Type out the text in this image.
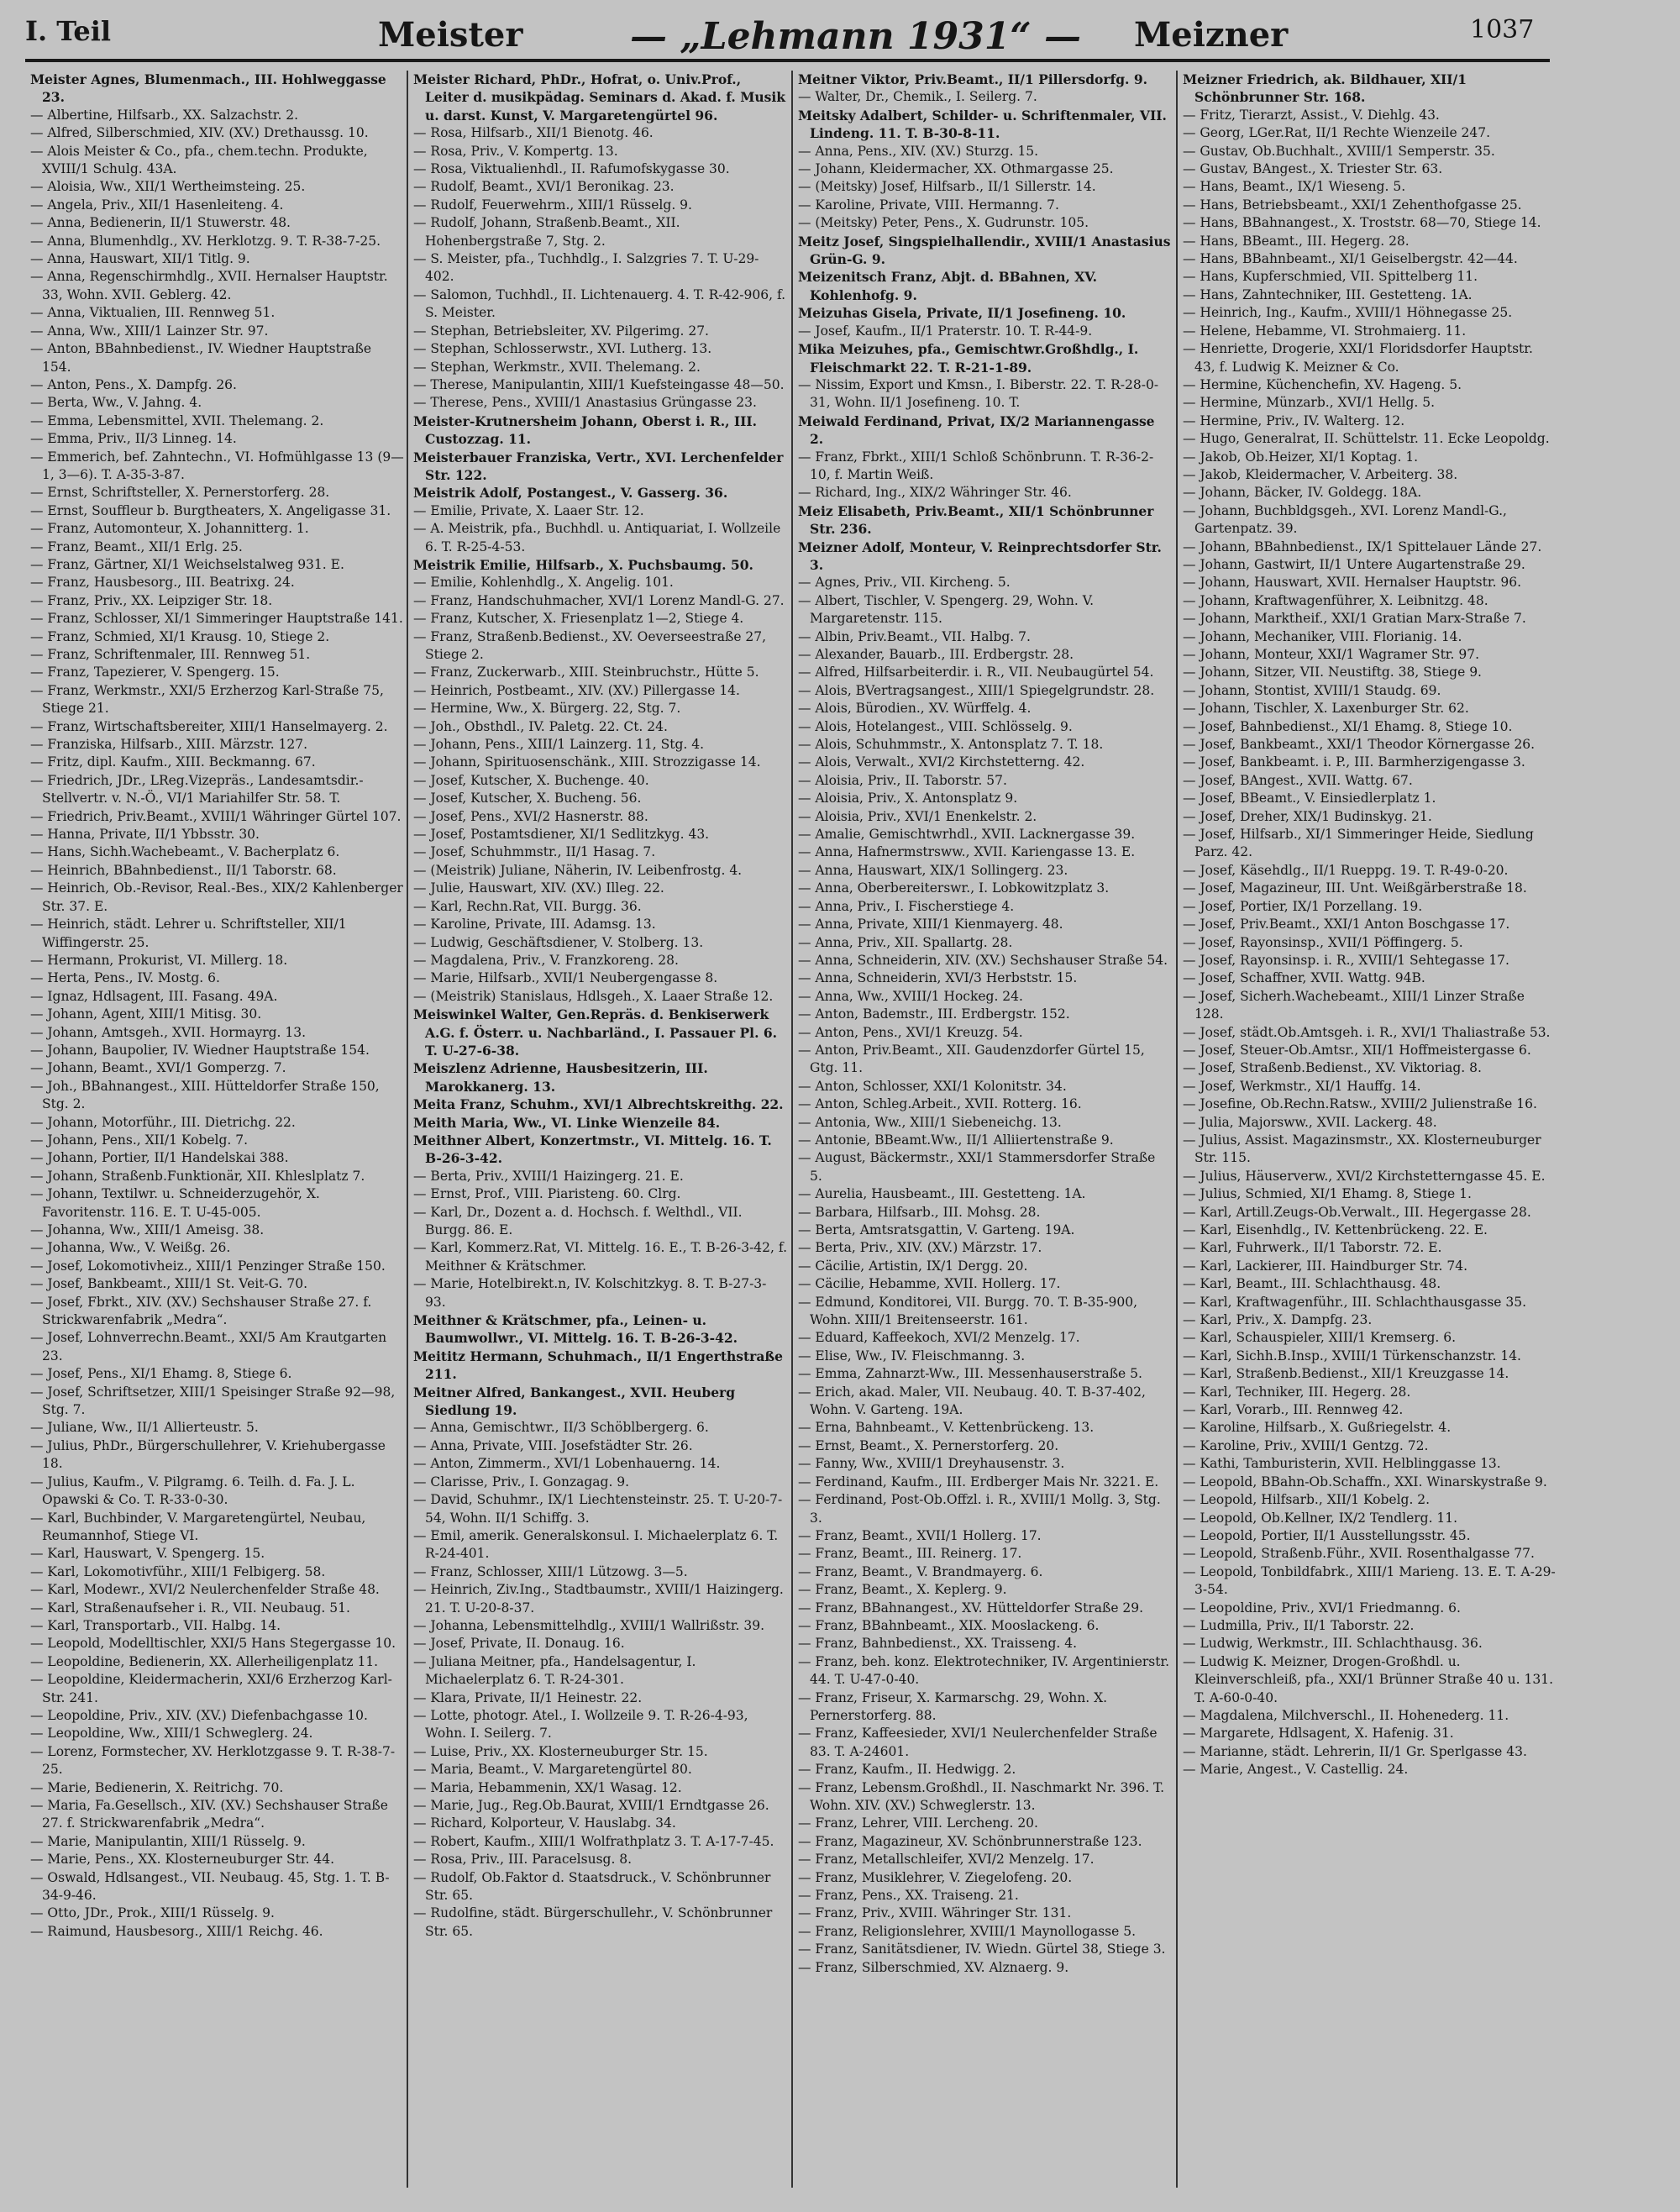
I. Teil	Meister	— „Lehmann 1931“ — Meizner	1037

Meister Agnes, Blumenmach., III. Hohlweggasse 23.

— Albertine, Hilfsarb., XX. Salzachstr. 2.

— Alfred, Silberschmied, XIV. (XV.) Drethaussg. 10.

— Alois Meister & Co., pfa., chem.techn. Produkte, XVIII/1 Schulg. 43A.

— Aloisia, Ww., XII/1 Wertheimsteing. 25.

— Angela, Priv., XII/1 Hasenleiteng. 4.

— Anna, Bedienerin, II/1 Stuwerstr. 48.

— Anna, Blumenhdlg., XV. Herklotzg. 9. T. R-38-7-25.

— Anna, Hauswart, XII/1 Titlg. 9.

— Anna, Regenschirmhdlg., XVII. Hernalser Hauptstr. 33, Wohn. XVII. Geblerg. 42.

— Anna, Viktualien, III. Rennweg 51.

— Anna, Ww., XIII/1 Lainzer Str. 97.

— Anton, BBahnbedienst., IV. Wiedner Hauptstraße 154.

— Anton, Pens., X. Dampfg. 26.

— Berta, Ww., V. Jahng. 4.

— Emma, Lebensmittel, XVII. Thelemang. 2.

— Emma, Priv., II/3 Linneg. 14.

— Emmerich, bef. Zahntechn., VI. Hofmühlgasse 13 (9—1, 3—6). T. A-35-3-87.

— Ernst, Schriftsteller, X. Pernerstorferg. 28.

— Ernst, Souffleur b. Burgtheaters, X. Angeligasse 31.

— Franz, Automonteur, X. Johannitterg. 1.

— Franz, Beamt., XII/1 Erlg. 25.

— Franz, Gärtner, XI/1 Weichselstalweg 931. E.

— Franz, Hausbesorg., III. Beatrixg. 24.

— Franz, Priv., XX. Leipziger Str. 18.

— Franz, Schlosser, XI/1 Simmeringer Hauptstraße 141.

— Franz, Schmied, XI/1 Krausg. 10, Stiege 2.

— Franz, Schriftenmaler, III. Rennweg 51.

— Franz, Tapezierer, V. Spengerg. 15.

— Franz, Werkmstr., XXI/5 Erzherzog Karl-Straße 75, Stiege 21.

— Franz, Wirtschaftsbereiter, XIII/1 Hanselmayerg. 2.

— Franziska, Hilfsarb., XIII. Märzstr. 127.

— Fritz, dipl. Kaufm., XIII. Beckmanng. 67.

— Friedrich, JDr., LReg.Vizepräs., Landesamtsdir.-Stellvertr. v. N.-Ö., VI/1 Mariahilfer Str. 58. T.

— Friedrich, Priv.Beamt., XVIII/1 Währinger Gürtel 107.

— Hanna, Private, II/1 Ybbsstr. 30.

— Hans, Sichh.Wachebeamt., V. Bacherplatz 6.

— Heinrich, BBahnbedienst., II/1 Taborstr. 68.

— Heinrich, Ob.-Revisor, Real.-Bes., XIX/2 Kahlenberger Str. 37. E.

— Heinrich, städt. Lehrer u. Schriftsteller, XII/1 Wiffingerstr. 25.

— Hermann, Prokurist, VI. Millerg. 18.

— Herta, Pens., IV. Mostg. 6.

— Ignaz, Hdlsagent, III. Fasang. 49A.

— Johann, Agent, XIII/1 Mitisg. 30.

— Johann, Amtsgeh., XVII. Hormayrg. 13.

— Johann, Baupolier, IV. Wiedner Hauptstraße 154.

— Johann, Beamt., XVI/1 Gomperzg. 7.

— Joh., BBahnangest., XIII. Hütteldorfer Straße 150, Stg. 2.

— Johann, Motorführ., III. Dietrichg. 22.

— Johann, Pens., XII/1 Kobelg. 7.

— Johann, Portier, II/1 Handelskai 388.

— Johann, Straßenb.Funktionär, XII. Khleslplatz 7.

— Johann, Textilwr. u. Schneiderzugehör, X. Favoritenstr. 116. E. T. U-45-005.

— Johanna, Ww., XIII/1 Ameisg. 38.

— Johanna, Ww., V. Weißg. 26.

— Josef, Lokomotivheiz., XIII/1 Penzinger Straße 150.

— Josef, Bankbeamt., XIII/1 St. Veit-G. 70.

— Josef, Fbrkt., XIV. (XV.) Sechshauser Straße 27. f. Strickwarenfabrik „Medra“.

— Josef, Lohnverrechn.Beamt., XXI/5 Am Krautgarten 23.

— Josef, Pens., XI/1 Ehamg. 8, Stiege 6.

— Josef, Schriftsetzer, XIII/1 Speisinger Straße 92—98, Stg. 7.

— Juliane, Ww., II/1 Allierteustr. 5.

— Julius, PhDr., Bürgerschullehrer, V. Kriehubergasse 18.

— Julius, Kaufm., V. Pilgramg. 6. Teilh. d. Fa. J. L. Opawski & Co. T. R-33-0-30.

— Karl, Buchbinder, V. Margaretengürtel, Neubau, Reumannhof, Stiege VI.

— Karl, Hauswart, V. Spengerg. 15.

— Karl, Lokomotivführ., XIII/1 Felbigerg. 58.

— Karl, Modewr., XVI/2 Neulerchenfelder Straße 48.

— Karl, Straßenaufseher i. R., VII. Neubaug. 51.

— Karl, Transportarb., VII. Halbg. 14.

— Leopold, Modelltischler, XXI/5 Hans Stegergasse 10.

— Leopoldine, Bedienerin, XX. Allerheiligenplatz 11.

— Leopoldine, Kleidermacherin, XXI/6 Erzherzog Karl-Str. 241.

— Leopoldine, Priv., XIV. (XV.) Diefenbachgasse 10.

— Leopoldine, Ww., XIII/1 Schweglerg. 24.

— Lorenz, Formstecher, XV. Herklotzgasse 9. T. R-38-7-25.

— Marie, Bedienerin, X. Reitrichg. 70.

— Maria, Fa.Gesellsch., XIV. (XV.) Sechshauser Straße 27. f. Strickwarenfabrik „Medra“.

— Marie, Manipulantin, XIII/1 Rüsselg. 9.

— Marie, Pens., XX. Klosterneuburger Str. 44.

— Oswald, Hdlsangest., VII. Neubaug. 45, Stg. 1. T. B-34-9-46.

— Otto, JDr., Prok., XIII/1 Rüsselg. 9.

— Raimund, Hausbesorg., XIII/1 Reichg. 46.

Meister Richard, PhDr., Hofrat, o. Univ.Prof., Leiter d. musikpädag. Seminars d. Akad. f. Musik u. darst. Kunst, V. Margaretengürtel 96.

— Rosa, Hilfsarb., XII/1 Bienotg. 46.

— Rosa, Priv., V. Kompertg. 13.

— Rosa, Viktualienhdl., II. Rafumofskygasse 30.

— Rudolf, Beamt., XVI/1 Beronikag. 23.

— Rudolf, Feuerwehrm., XIII/1 Rüsselg. 9.

— Rudolf, Johann, Straßenb.Beamt., XII. Hohenbergstraße 7, Stg. 2.

— S. Meister, pfa., Tuchhdlg., I. Salzgries 7. T. U-29-402.

— Salomon, Tuchhdl., II. Lichtenauerg. 4. T. R-42-906, f. S. Meister.

— Stephan, Betriebsleiter, XV. Pilgerimg. 27.

— Stephan, Schlosserwstr., XVI. Lutherg. 13.

— Stephan, Werkmstr., XVII. Thelemang. 2.

— Therese, Manipulantin, XIII/1 Kuefsteingasse 48—50.

— Therese, Pens., XVIII/1 Anastasius Grüngasse 23.

Meister-Krutnersheim Johann, Oberst i. R., III. Custozzag. 11.

Meisterbauer Franziska, Vertr., XVI. Lerchenfelder Str. 122.

Meistrik Adolf, Postangest., V. Gasserg. 36.

— Emilie, Private, X. Laaer Str. 12.

— A. Meistrik, pfa., Buchhdl. u. Antiquariat, I. Wollzeile 6. T. R-25-4-53.

Meistrik Emilie, Hilfsarb., X. Puchsbaumg. 50.

— Emilie, Kohlenhdlg., X. Angelig. 101.

— Franz, Handschuhmacher, XVI/1 Lorenz Mandl-G. 27.

— Franz, Kutscher, X. Friesenplatz 1—2, Stiege 4.

— Franz, Straßenb.Bedienst., XV. Oeverseestraße 27, Stiege 2.

— Franz, Zuckerwarb., XIII. Steinbruchstr., Hütte 5.

— Heinrich, Postbeamt., XIV. (XV.) Pillergasse 14.

— Hermine, Ww., X. Bürgerg. 22, Stg. 7.

— Joh., Obsthdl., IV. Paletg. 22. Ct. 24.

— Johann, Pens., XIII/1 Lainzerg. 11, Stg. 4.

— Johann, Spirituosenschänk., XIII. Strozzigasse 14.

— Josef, Kutscher, X. Buchenge. 40.

— Josef, Kutscher, X. Bucheng. 56.

— Josef, Pens., XVI/2 Hasnerstr. 88.

— Josef, Postamtsdiener, XI/1 Sedlitzkyg. 43.

— Josef, Schuhmmstr., II/1 Hasag. 7.

— (Meistrik) Juliane, Näherin, IV. Leibenfrostg. 4.

— Julie, Hauswart, XIV. (XV.) Illeg. 22.

— Karl, Rechn.Rat, VII. Burgg. 36.

— Karoline, Private, III. Adamsg. 13.

— Ludwig, Geschäftsdiener, V. Stolberg. 13.

— Magdalena, Priv., V. Franzkoreng. 28.

— Marie, Hilfsarb., XVII/1 Neubergengasse 8.

— (Meistrik) Stanislaus, Hdlsgeh., X. Laaer Straße 12.

Meiswinkel Walter, Gen.Repräs. d. Benkiserwerk A.G. f. Österr. u. Nachbarländ., I. Passauer Pl. 6. T. U-27-6-38.

Meiszlenz Adrienne, Hausbesitzerin, III. Marokkanerg. 13.

Meita Franz, Schuhm., XVI/1 Albrechtskreithg. 22.

Meith Maria, Ww., VI. Linke Wienzeile 84.

Meithner Albert, Konzertmstr., VI. Mittelg. 16. T. B-26-3-42.

— Berta, Priv., XVIII/1 Haizingerg. 21. E.

— Ernst, Prof., VIII. Piaristeng. 60. Clrg.

— Karl, Dr., Dozent a. d. Hochsch. f. Welthdl., VII. Burgg. 86. E.

— Karl, Kommerz.Rat, VI. Mittelg. 16. E., T. B-26-3-42, f. Meithner & Krätschmer.

— Marie, Hotelbirekt.n, IV. Kolschitzkyg. 8. T. B-27-3-93.

Meithner & Krätschmer, pfa., Leinen- u. Baumwollwr., VI. Mittelg. 16. T. B-26-3-42.

Meititz Hermann, Schuhmach., II/1 Engerthstraße 211.

Meitner Alfred, Bankangest., XVII. Heuberg Siedlung 19.

— Anna, Gemischtwr., II/3 Schöblbergerg. 6.

— Anna, Private, VIII. Josefstädter Str. 26.

— Anton, Zimmerm., XVI/1 Lobenhauerng. 14.

— Clarisse, Priv., I. Gonzagag. 9.

— David, Schuhmr., IX/1 Liechtensteinstr. 25. T. U-20-7-54, Wohn. II/1 Schiffg. 3.

— Emil, amerik. Generalskonsul. I. Michaelerplatz 6. T. R-24-401.

— Franz, Schlosser, XIII/1 Lützowg. 3—5.

— Heinrich, Ziv.Ing., Stadtbaumstr., XVIII/1 Haizingerg. 21. T. U-20-8-37.

— Johanna, Lebensmittelhdlg., XVIII/1 Wallrißstr. 39.

— Josef, Private, II. Donaug. 16.

— Juliana Meitner, pfa., Handelsagentur, I. Michaelerplatz 6. T. R-24-301.

— Klara, Private, II/1 Heinestr. 22.

— Lotte, photogr. Atel., I. Wollzeile 9. T. R-26-4-93, Wohn. I. Seilerg. 7.

— Luise, Priv., XX. Klosterneuburger Str. 15.

— Maria, Beamt., V. Margaretengürtel 80.

— Maria, Hebammenin, XX/1 Wasag. 12.

— Marie, Jug., Reg.Ob.Baurat, XVIII/1 Erndtgasse 26.

— Richard, Kolporteur, V. Hauslabg. 34.

— Robert, Kaufm., XIII/1 Wolfrathplatz 3. T. A-17-7-45.

— Rosa, Priv., III. Paracelsusg. 8.

— Rudolf, Ob.Faktor d. Staatsdruck., V. Schönbrunner Str. 65.

— Rudolfine, städt. Bürgerschullehr., V. Schönbrunner Str. 65.

Meitner Viktor, Priv.Beamt., II/1 Pillersdorfg. 9.

— Walter, Dr., Chemik., I. Seilerg. 7.

Meitsky Adalbert, Schilder- u. Schriftenmaler, VII. Lindeng. 11. T. B-30-8-11.

— Anna, Pens., XIV. (XV.) Sturzg. 15.

— Johann, Kleidermacher, XX. Othmargasse 25.

— (Meitsky) Josef, Hilfsarb., II/1 Sillerstr. 14.

— Karoline, Private, VIII. Hermanng. 7.

— (Meitsky) Peter, Pens., X. Gudrunstr. 105.

Meitz Josef, Singspielhallendir., XVIII/1 Anastasius Grün-G. 9.

Meizenitsch Franz, Abjt. d. BBahnen, XV. Kohlenhofg. 9.

Meizuhas Gisela, Private, II/1 Josefineng. 10.

— Josef, Kaufm., II/1 Praterstr. 10. T. R-44-9.

Mika Meizuhes, pfa., Gemischtwr.Großhdlg., I. Fleischmarkt 22. T. R-21-1-89.

— Nissim, Export und Kmsn., I. Biberstr. 22. T. R-28-0-31, Wohn. II/1 Josefineng. 10. T.

Meiwald Ferdinand, Privat, IX/2 Mariannengasse 2.

— Franz, Fbrkt., XIII/1 Schloß Schönbrunn. T. R-36-2-10, f. Martin Weiß.

— Richard, Ing., XIX/2 Währinger Str. 46.

Meiz Elisabeth, Priv.Beamt., XII/1 Schönbrunner Str. 236.

Meizner Adolf, Monteur, V. Reinprechtsdorfer Str. 3.

— Agnes, Priv., VII. Kircheng. 5.

— Albert, Tischler, V. Spengerg. 29, Wohn. V. Margaretenstr. 115.

— Albin, Priv.Beamt., VII. Halbg. 7.

— Alexander, Bauarb., III. Erdbergstr. 28.

— Alfred, Hilfsarbeiterdir. i. R., VII. Neubaugürtel 54.

— Alois, BVertragsangest., XIII/1 Spiegelgrundstr. 28.

— Alois, Bürodien., XV. Würffelg. 4.

— Alois, Hotelangest., VIII. Schlösselg. 9.

— Alois, Schuhmmstr., X. Antonsplatz 7. T. 18.

— Alois, Verwalt., XVI/2 Kirchstetterng. 42.

— Aloisia, Priv., II. Taborstr. 57.

— Aloisia, Priv., X. Antonsplatz 9.

— Aloisia, Priv., XVI/1 Enenkelstr. 2.

— Amalie, Gemischtwrhdl., XVII. Lacknergasse 39.

— Anna, Hafnermstrsww., XVII. Kariengasse 13. E.

— Anna, Hauswart, XIX/1 Sollingerg. 23.

— Anna, Oberbereiterswr., I. Lobkowitzplatz 3.

— Anna, Priv., I. Fischerstiege 4.

— Anna, Private, XIII/1 Kienmayerg. 48.

— Anna, Priv., XII. Spallartg. 28.

— Anna, Schneiderin, XIV. (XV.) Sechshauser Straße 54.

— Anna, Schneiderin, XVI/3 Herbststr. 15.

— Anna, Ww., XVIII/1 Hockeg. 24.

— Anton, Bademstr., III. Erdbergstr. 152.

— Anton, Pens., XVI/1 Kreuzg. 54.

— Anton, Priv.Beamt., XII. Gaudenzdorfer Gürtel 15, Gtg. 11.

— Anton, Schlosser, XXI/1 Kolonitstr. 34.

— Anton, Schleg.Arbeit., XVII. Rotterg. 16.

— Antonia, Ww., XIII/1 Siebeneichg. 13.

— Antonie, BBeamt.Ww., II/1 Alliiertenstraße 9.

— August, Bäckermstr., XXI/1 Stammersdorfer Straße 5.

— Aurelia, Hausbeamt., III. Gestetteng. 1A.

— Barbara, Hilfsarb., III. Mohsg. 28.

— Berta, Amtsratsgattin, V. Garteng. 19A.

— Berta, Priv., XIV. (XV.) Märzstr. 17.

— Cäcilie, Artistin, IX/1 Dergg. 20.

— Cäcilie, Hebamme, XVII. Hollerg. 17.

— Edmund, Konditorei, VII. Burgg. 70. T. B-35-900, Wohn. XIII/1 Breitenseerstr. 161.

— Eduard, Kaffeekoch, XVI/2 Menzelg. 17.

— Elise, Ww., IV. Fleischmanng. 3.

— Emma, Zahnarzt-Ww., III. Messenhauserstraße 5.

— Erich, akad. Maler, VII. Neubaug. 40. T. B-37-402, Wohn. V. Garteng. 19A.

— Erna, Bahnbeamt., V. Kettenbrückeng. 13.

— Ernst, Beamt., X. Pernerstorferg. 20.

— Fanny, Ww., XVIII/1 Dreyhausenstr. 3.

— Ferdinand, Kaufm., III. Erdberger Mais Nr. 3221. E.

— Ferdinand, Post-Ob.Offzl. i. R., XVIII/1 Mollg. 3, Stg. 3.

— Franz, Beamt., XVII/1 Hollerg. 17.

— Franz, Beamt., III. Reinerg. 17.

— Franz, Beamt., V. Brandmayerg. 6.

— Franz, Beamt., X. Keplerg. 9.

— Franz, BBahnangest., XV. Hütteldorfer Straße 29.

— Franz, BBahnbeamt., XIX. Mooslackeng. 6.

— Franz, Bahnbedienst., XX. Traisseng. 4.

— Franz, beh. konz. Elektrotechniker, IV. Argentinierstr. 44. T. U-47-0-40.

— Franz, Friseur, X. Karmarschg. 29, Wohn. X. Pernerstorferg. 88.

— Franz, Kaffeesieder, XVI/1 Neulerchenfelder Straße 83. T. A-24601.

— Franz, Kaufm., II. Hedwigg. 2.

— Franz, Lebensm.Großhdl., II. Naschmarkt Nr. 396. T. Wohn. XIV. (XV.) Schweglerstr. 13.

— Franz, Lehrer, VIII. Lercheng. 20.

— Franz, Magazineur, XV. Schönbrunnerstraße 123.

— Franz, Metallschleifer, XVI/2 Menzelg. 17.

— Franz, Musiklehrer, V. Ziegelofeng. 20.

— Franz, Pens., XX. Traiseng. 21.

— Franz, Priv., XVIII. Währinger Str. 131.

— Franz, Religionslehrer, XVIII/1 Maynollogasse 5.

— Franz, Sanitätsdiener, IV. Wiedn. Gürtel 38, Stiege 3.

— Franz, Silberschmied, XV. Alznaerg. 9.

Meizner Friedrich, ak. Bildhauer, XII/1 Schönbrunner Str. 168.

— Fritz, Tierarzt, Assist., V. Diehlg. 43.

— Georg, LGer.Rat, II/1 Rechte Wienzeile 247.

— Gustav, Ob.Buchhalt., XVIII/1 Semperstr. 35.

— Gustav, BAngest., X. Triester Str. 63.

— Hans, Beamt., IX/1 Wieseng. 5.

— Hans, Betriebsbeamt., XXI/1 Zehenthofgasse 25.

— Hans, BBahnangest., X. Troststr. 68—70, Stiege 14.

— Hans, BBeamt., III. Hegerg. 28.

— Hans, BBahnbeamt., XI/1 Geiselbergstr. 42—44.

— Hans, Kupferschmied, VII. Spittelberg 11.

— Hans, Zahntechniker, III. Gestetteng. 1A.

— Heinrich, Ing., Kaufm., XVIII/1 Höhnegasse 25.

— Helene, Hebamme, VI. Strohmaierg. 11.

— Henriette, Drogerie, XXI/1 Floridsdorfer Hauptstr. 43, f. Ludwig K. Meizner & Co.

— Hermine, Küchenchefin, XV. Hageng. 5.

— Hermine, Münzarb., XVI/1 Hellg. 5.

— Hermine, Priv., IV. Walterg. 12.

— Hugo, Generalrat, II. Schüttelstr. 11. Ecke Leopoldg.

— Jakob, Ob.Heizer, XI/1 Koptag. 1.

— Jakob, Kleidermacher, V. Arbeiterg. 38.

— Johann, Bäcker, IV. Goldegg. 18A.

— Johann, Buchbldgsgeh., XVI. Lorenz Mandl-G., Gartenpatz. 39.

— Johann, BBahnbedienst., IX/1 Spittelauer Lände 27.

— Johann, Gastwirt, II/1 Untere Augartenstraße 29.

— Johann, Hauswart, XVII. Hernalser Hauptstr. 96.

— Johann, Kraftwagenführer, X. Leibnitzg. 48.

— Johann, Marktheif., XXI/1 Gratian Marx-Straße 7.

— Johann, Mechaniker, VIII. Florianig. 14.

— Johann, Monteur, XXI/1 Wagramer Str. 97.

— Johann, Sitzer, VII. Neustiftg. 38, Stiege 9.

— Johann, Stontist, XVIII/1 Staudg. 69.

— Johann, Tischler, X. Laxenburger Str. 62.

— Josef, Bahnbedienst., XI/1 Ehamg. 8, Stiege 10.

— Josef, Bankbeamt., XXI/1 Theodor Körnergasse 26.

— Josef, Bankbeamt. i. P., III. Barmherzigengasse 3.

— Josef, BAngest., XVII. Wattg. 67.

— Josef, BBeamt., V. Einsiedlerplatz 1.

— Josef, Dreher, XIX/1 Budinskyg. 21.

— Josef, Hilfsarb., XI/1 Simmeringer Heide, Siedlung Parz. 42.

— Josef, Käsehdlg., II/1 Rueppg. 19. T. R-49-0-20.

— Josef, Magazineur, III. Unt. Weißgärberstraße 18.

— Josef, Portier, IX/1 Porzellang. 19.

— Josef, Priv.Beamt., XXI/1 Anton Boschgasse 17.

— Josef, Rayonsinsp., XVII/1 Pöffingerg. 5.

— Josef, Rayonsinsp. i. R., XVIII/1 Sehtegasse 17.

— Josef, Schaffner, XVII. Wattg. 94B.

— Josef, Sicherh.Wachebeamt., XIII/1 Linzer Straße 128.

— Josef, städt.Ob.Amtsgeh. i. R., XVI/1 Thaliastraße 53.

— Josef, Steuer-Ob.Amtsr., XII/1 Hoffmeistergasse 6.

— Josef, Straßenb.Bedienst., XV. Viktoriag. 8.

— Josef, Werkmstr., XI/1 Hauffg. 14.

— Josefine, Ob.Rechn.Ratsw., XVIII/2 Julienstraße 16.

— Julia, Majorsww., XVII. Lackerg. 48.

— Julius, Assist. Magazinsmstr., XX. Klosterneuburger Str. 115.

— Julius, Häuserverw., XVI/2 Kirchstetterngasse 45. E.

— Julius, Schmied, XI/1 Ehamg. 8, Stiege 1.

— Karl, Artill.Zeugs-Ob.Verwalt., III. Hegergasse 28.

— Karl, Eisenhdlg., IV. Kettenbrückeng. 22. E.

— Karl, Fuhrwerk., II/1 Taborstr. 72. E.

— Karl, Lackierer, III. Haindburger Str. 74.

— Karl, Beamt., III. Schlachthausg. 48.

— Karl, Kraftwagenführ., III. Schlachthausgasse 35.

— Karl, Priv., X. Dampfg. 23.

— Karl, Schauspieler, XIII/1 Kremserg. 6.

— Karl, Sichh.B.Insp., XVIII/1 Türkenschanzstr. 14.

— Karl, Straßenb.Bedienst., XII/1 Kreuzgasse 14.

— Karl, Techniker, III. Hegerg. 28.

— Karl, Vorarb., III. Rennweg 42.

— Karoline, Hilfsarb., X. Gußriegelstr. 4.

— Karoline, Priv., XVIII/1 Gentzg. 72.

— Kathi, Tamburisterin, XVII. Helblinggasse 13.

— Leopold, BBahn-Ob.Schaffn., XXI. Winarskystraße 9.

— Leopold, Hilfsarb., XII/1 Kobelg. 2.

— Leopold, Ob.Kellner, IX/2 Tendlerg. 11.

— Leopold, Portier, II/1 Ausstellungsstr. 45.

— Leopold, Straßenb.Führ., XVII. Rosenthalgasse 77.

— Leopold, Tonbildfabrk., XIII/1 Marieng. 13. E. T. A-29-3-54.

— Leopoldine, Priv., XVI/1 Friedmanng. 6.

— Ludmilla, Priv., II/1 Taborstr. 22.

— Ludwig, Werkmstr., III. Schlachthausg. 36.

— Ludwig K. Meizner, Drogen-Großhdl. u. Kleinverschleiß, pfa., XXI/1 Brünner Straße 40 u. 131. T. A-60-0-40.

— Magdalena, Milchverschl., II. Hohenederg. 11.

— Margarete, Hdlsagent, X. Hafenig. 31.

— Marianne, städt. Lehrerin, II/1 Gr. Sperlgasse 43.

— Marie, Angest., V. Castellig. 24.
